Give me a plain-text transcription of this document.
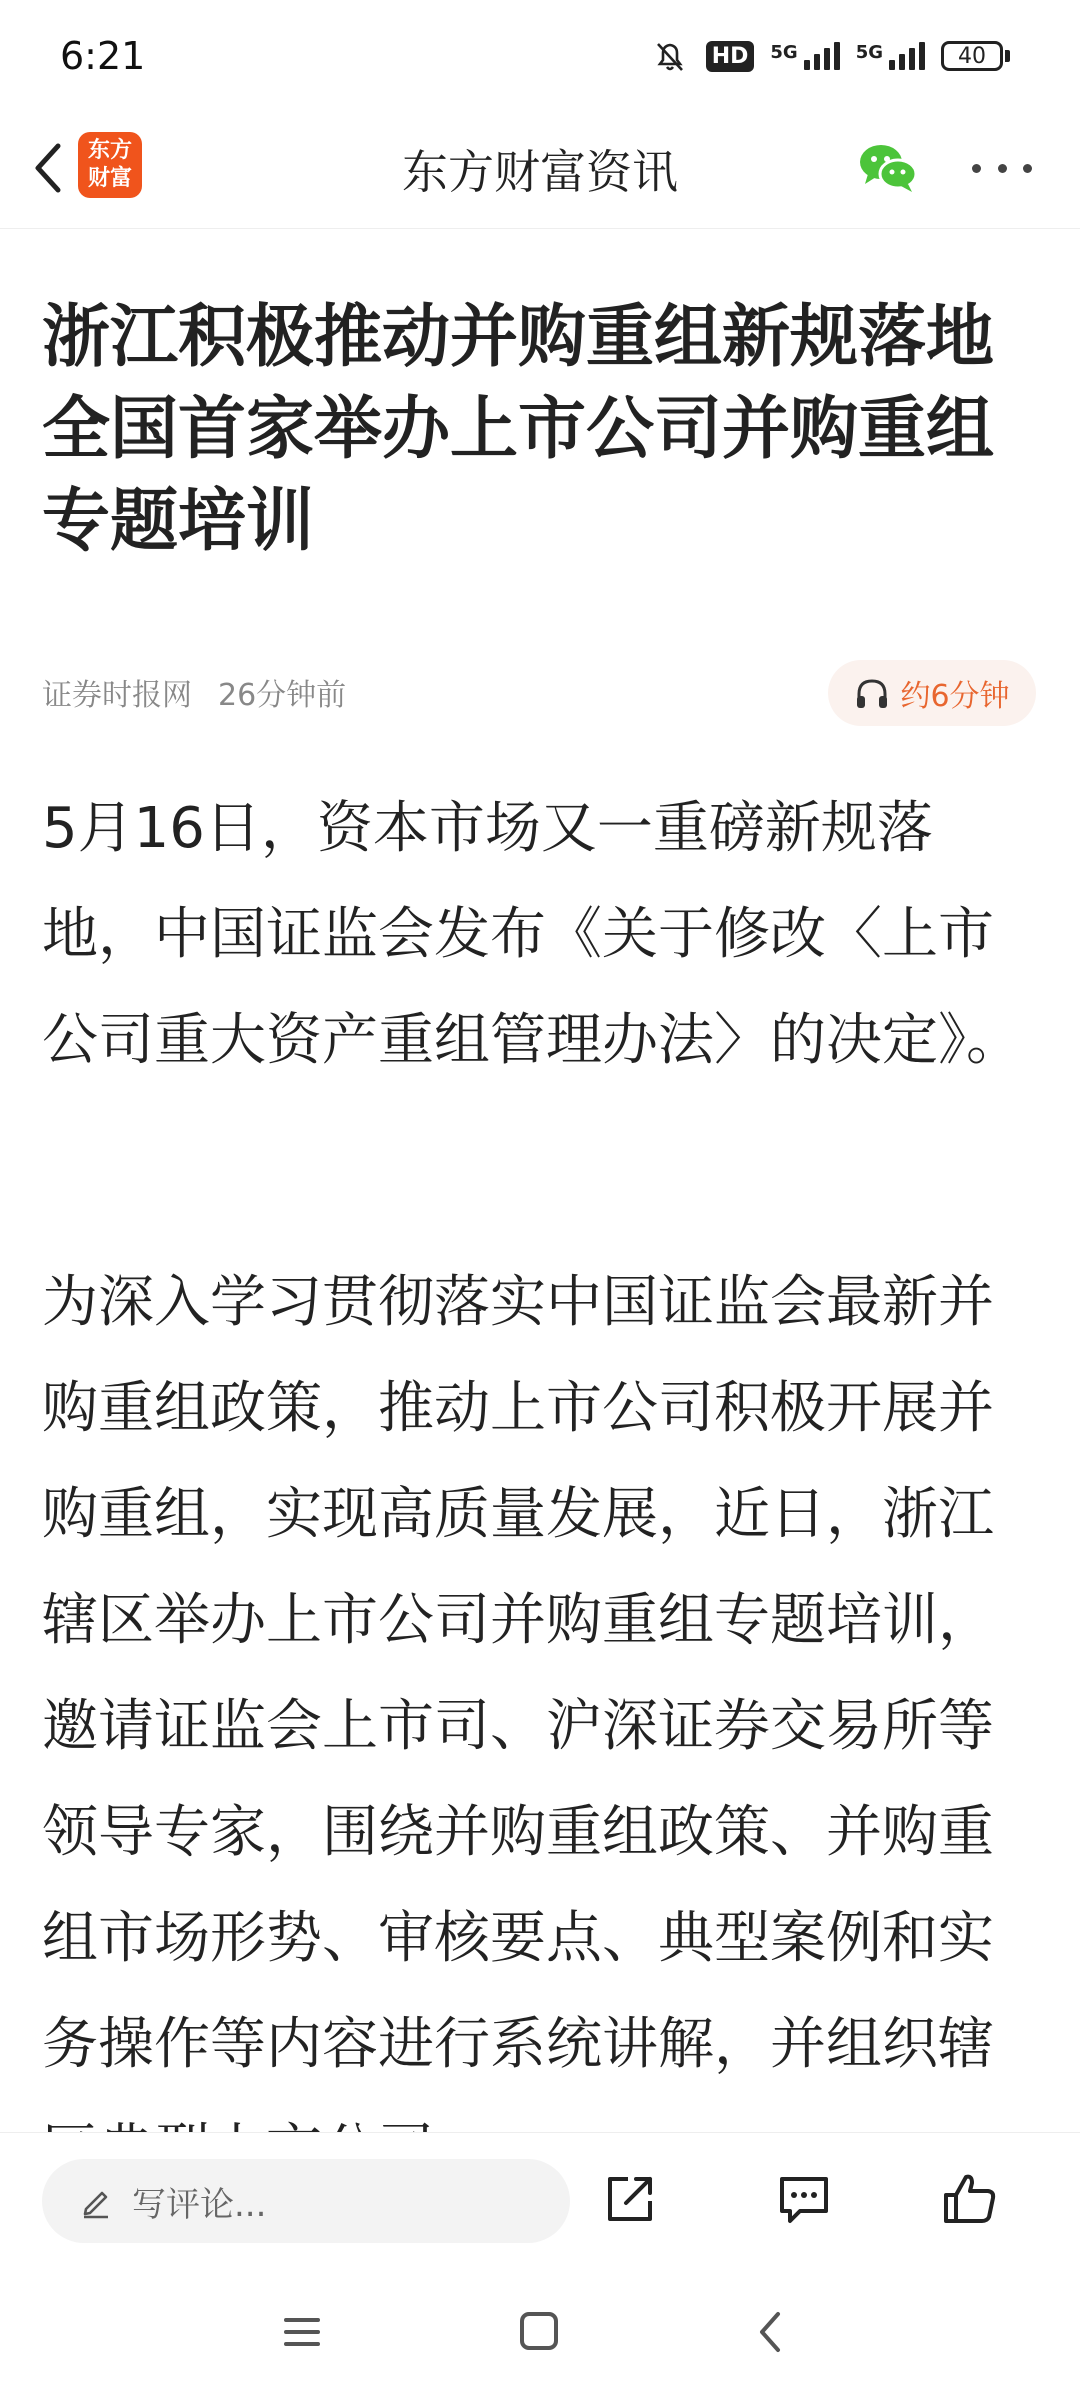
6:21	HD	5G	5G	40
东方
财富	东方财富资讯
浙江积极推动并购重组新规落地 全国首家举办上市公司并购重组专题培训
证券时报网 26分钟前	约6分钟

5月16日，资本市场又一重磅新规落地，中国证监会发布《关于修改〈上市公司重大资产重组管理办法〉的决定》。

为深入学习贯彻落实中国证监会最新并购重组政策，推动上市公司积极开展并购重组，实现高质量发展，近日，浙江辖区举办上市公司并购重组专题培训，邀请证监会上市司、沪深证券交易所等领导专家，围绕并购重组政策、并购重组市场形势、审核要点、典型案例和实务操作等内容进行系统讲解，并组织辖

写评论...
